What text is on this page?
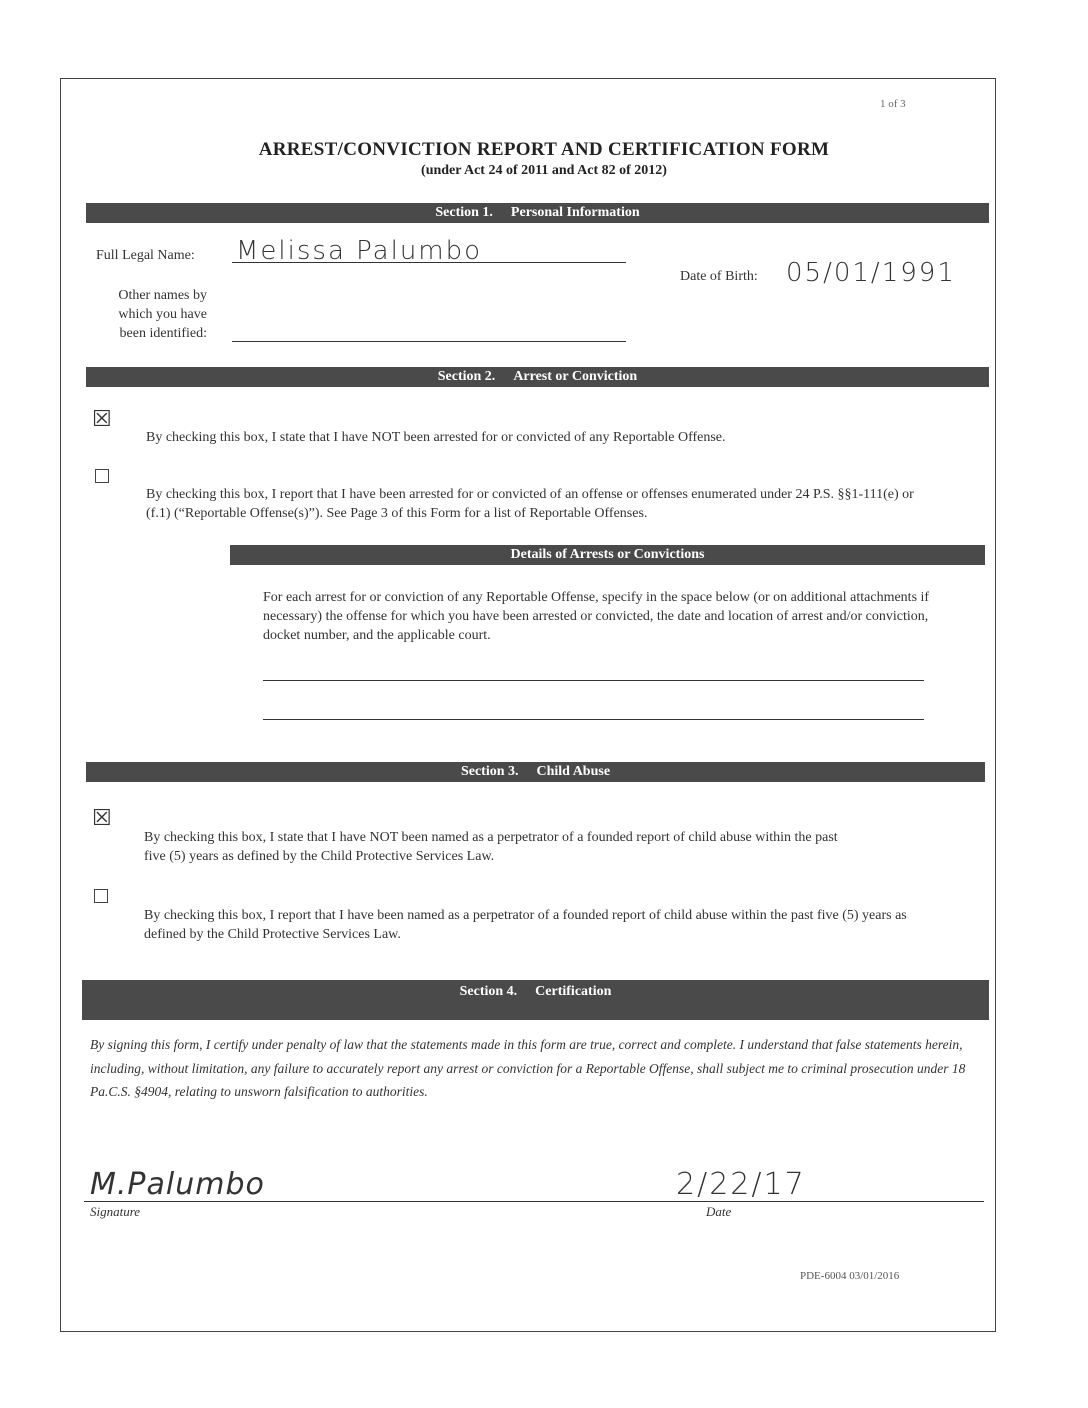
1 of 3
ARREST/CONVICTION REPORT AND CERTIFICATION FORM
(under Act 24 of 2011 and Act 82 of 2012)
Section 1. Personal Information
Full Legal Name: Melissa Palumbo
Date of Birth: 05/01/1991
Other names by which you have been identified:
Section 2. Arrest or Conviction
☒
By checking this box, I state that I have NOT been arrested for or convicted of any Reportable Offense.
By checking this box, I report that I have been arrested for or convicted of an offense or offenses enumerated under 24 P.S. §§1-111(e) or (f.1) (“Reportable Offense(s)”). See Page 3 of this Form for a list of Reportable Offenses.
Details of Arrests or Convictions
For each arrest for or conviction of any Reportable Offense, specify in the space below (or on additional attachments if necessary) the offense for which you have been arrested or convicted, the date and location of arrest and/or conviction, docket number, and the applicable court.
Section 3. Child Abuse
☒
By checking this box, I state that I have NOT been named as a perpetrator of a founded report of child abuse within the past five (5) years as defined by the Child Protective Services Law.
By checking this box, I report that I have been named as a perpetrator of a founded report of child abuse within the past five (5) years as defined by the Child Protective Services Law.
Section 4. Certification
By signing this form, I certify under penalty of law that the statements made in this form are true, correct and complete. I understand that false statements herein, including, without limitation, any failure to accurately report any arrest or conviction for a Reportable Offense, shall subject me to criminal prosecution under 18 Pa.C.S. §4904, relating to unsworn falsification to authorities.
M.Palumbo
Signature
2/22/17
Date
PDE-6004 03/01/2016
